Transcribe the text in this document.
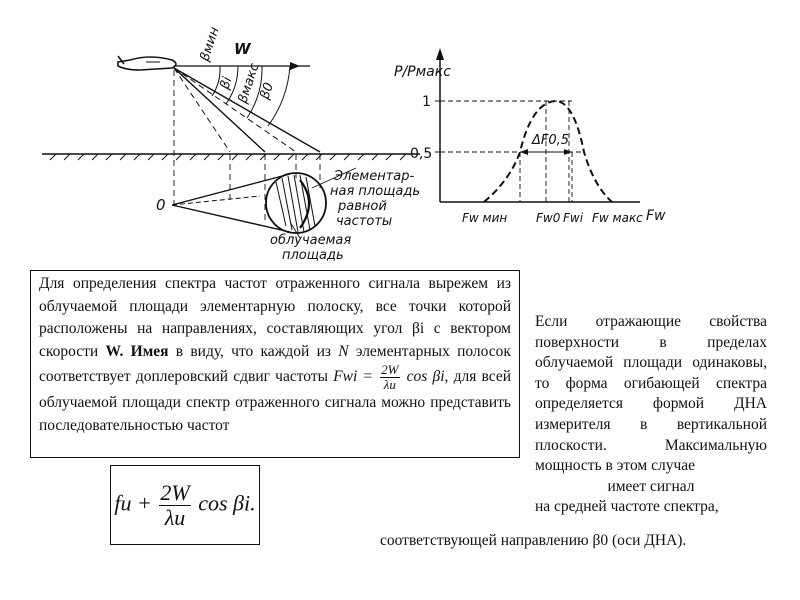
βмин W
βi βмакс
β0
0
Элементар- ная площадь равной частоты
облучаемая площадь
P/Pмакс
1
0,5
ΔF0,5
Fw мин Fw0 Fwi Fw макс Fw

Для определения спектра частот отраженного сигнала вырежем из облучаемой площади элементарную полоску, все точки которой расположены на направлениях, составляющих угол βi с вектором скорости W. Имея в виду, что каждой из N элементарных полосок соответствует доплеровский сдвиг частоты Fwi = $\frac{2W}{\lambda и}$ cos βi, для всей облучаемой площади спектр отраженного сигнала можно представить последовательностью частот

fи + $\frac{2W}{\lambda и}$ cos βi.

Если отражающие свойства поверхности в пределах облучаемой площади одинаковы, то форма огибающей спектра определяется формой ДНА измерителя в вертикальной плоскости. Максимальную мощность в этом случае

имеет сигнал

на средней частоте спектра,

соответствующей направлению β0 (оси ДНА).
